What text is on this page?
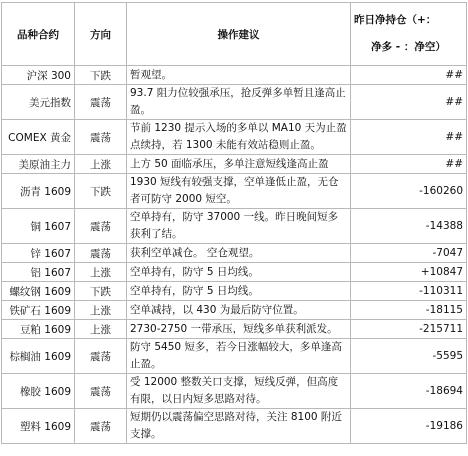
品种合约	方向	操作建议	昨日净持仓（+：
净多 - ：净空）

沪深 300	下跌	暂观望。	##
美元指数	震荡	93.7 阻力位较强承压，抢反弹多单暂且逢高止盈。	##
COMEX 黄金	震荡	节前 1230 提示入场的多单以 MA10 天为止盈点续持，若 1300 未能有效站稳则止盈。	##
美原油主力	上涨	上方 50 面临承压，多单注意短线逢高止盈	##
沥青 1609	下跌	1930 短线有较强支撑，空单逢低止盈，无仓者可防守 2000 短空。	-160260
铜 1607	震荡	空单持有，防守 37000 一线。昨日晚间短多获利了结。	-14388
锌 1607	震荡	获利空单减仓。 空仓观望。	-7047
铝 1607	上涨	空单持有，防守 5 日均线。	+10847
螺纹钢 1609	下跌	空单持有，防守 5 日均线。	-110311
铁矿石 1609	上涨	空单减持，以 430 为最后防守位置。	-18115
豆粕 1609	上涨	2730-2750 一带承压，短线多单获利派发。	-215711
棕榈油 1609	震荡	防守 5450 短多，若今日涨幅较大，多单逢高止盈。	-5595
橡胶 1609	震荡	受 12000 整数关口支撑，短线反弹，但高度有限，以日内短多思路对待。	-18694
塑料 1609	震荡	短期仍以震荡偏空思路对待，关注 8100 附近支撑。	-19186
